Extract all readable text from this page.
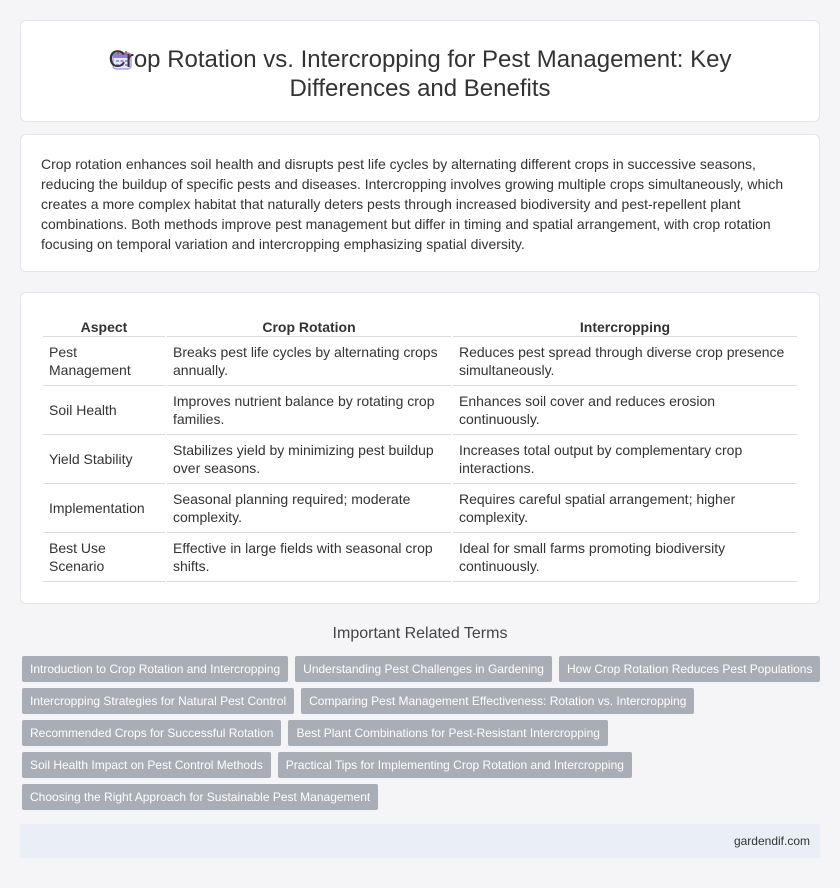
Crop Rotation vs. Intercropping for Pest Management: Key Differences and Benefits

Crop rotation enhances soil health and disrupts pest life cycles by alternating different crops in successive seasons, reducing the buildup of specific pests and diseases. Intercropping involves growing multiple crops simultaneously, which creates a more complex habitat that naturally deters pests through increased biodiversity and pest-repellent plant combinations. Both methods improve pest management but differ in timing and spatial arrangement, with crop rotation focusing on temporal variation and intercropping emphasizing spatial diversity.

Aspect	Crop Rotation	Intercropping
Pest Management	Breaks pest life cycles by alternating crops annually.	Reduces pest spread through diverse crop presence simultaneously.
Soil Health	Improves nutrient balance by rotating crop families.	Enhances soil cover and reduces erosion continuously.
Yield Stability	Stabilizes yield by minimizing pest buildup over seasons.	Increases total output by complementary crop interactions.
Implementation	Seasonal planning required; moderate complexity.	Requires careful spatial arrangement; higher complexity.
Best Use Scenario	Effective in large fields with seasonal crop shifts.	Ideal for small farms promoting biodiversity continuously.
Important Related Terms
Introduction to Crop Rotation and Intercropping	Understanding Pest Challenges in Gardening	How Crop Rotation Reduces Pest Populations
Intercropping Strategies for Natural Pest Control	Comparing Pest Management Effectiveness: Rotation vs. Intercropping
Recommended Crops for Successful Rotation	Best Plant Combinations for Pest-Resistant Intercropping
Soil Health Impact on Pest Control Methods	Practical Tips for Implementing Crop Rotation and Intercropping
Choosing the Right Approach for Sustainable Pest Management
gardendif.com
